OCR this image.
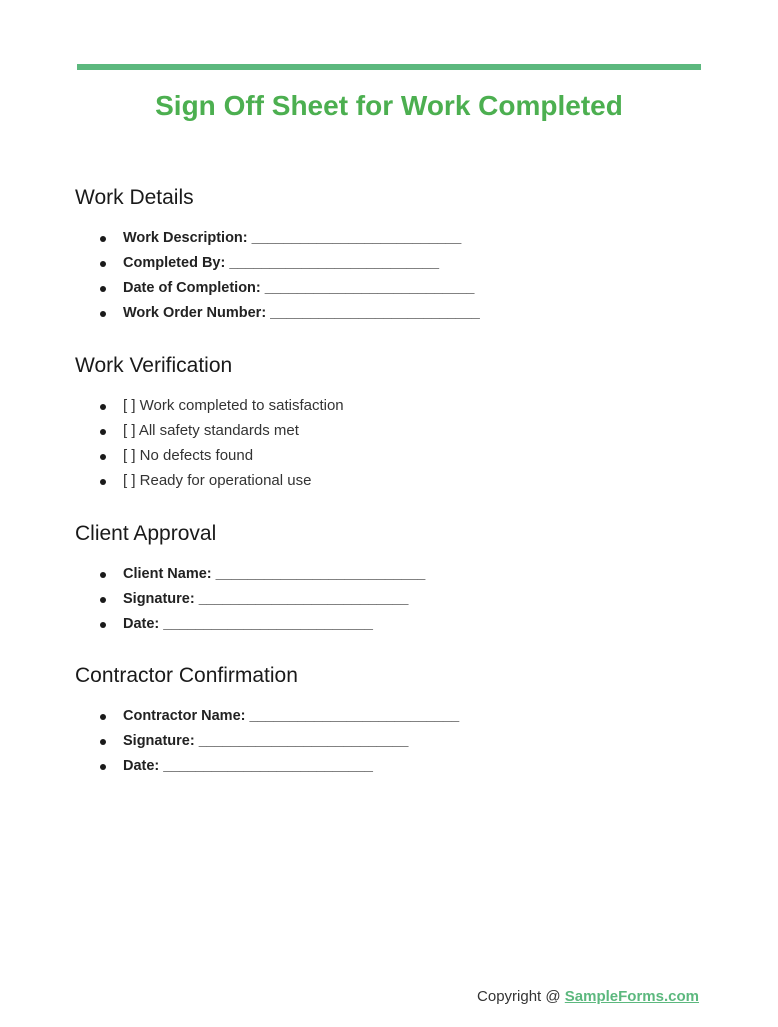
Sign Off Sheet for Work Completed
Work Details
Work Description: __________________________
Completed By: __________________________
Date of Completion: __________________________
Work Order Number: __________________________
Work Verification
[ ] Work completed to satisfaction
[ ] All safety standards met
[ ] No defects found
[ ] Ready for operational use
Client Approval
Client Name: __________________________
Signature: __________________________
Date: __________________________
Contractor Confirmation
Contractor Name: __________________________
Signature: __________________________
Date: __________________________
Copyright @ SampleForms.com
